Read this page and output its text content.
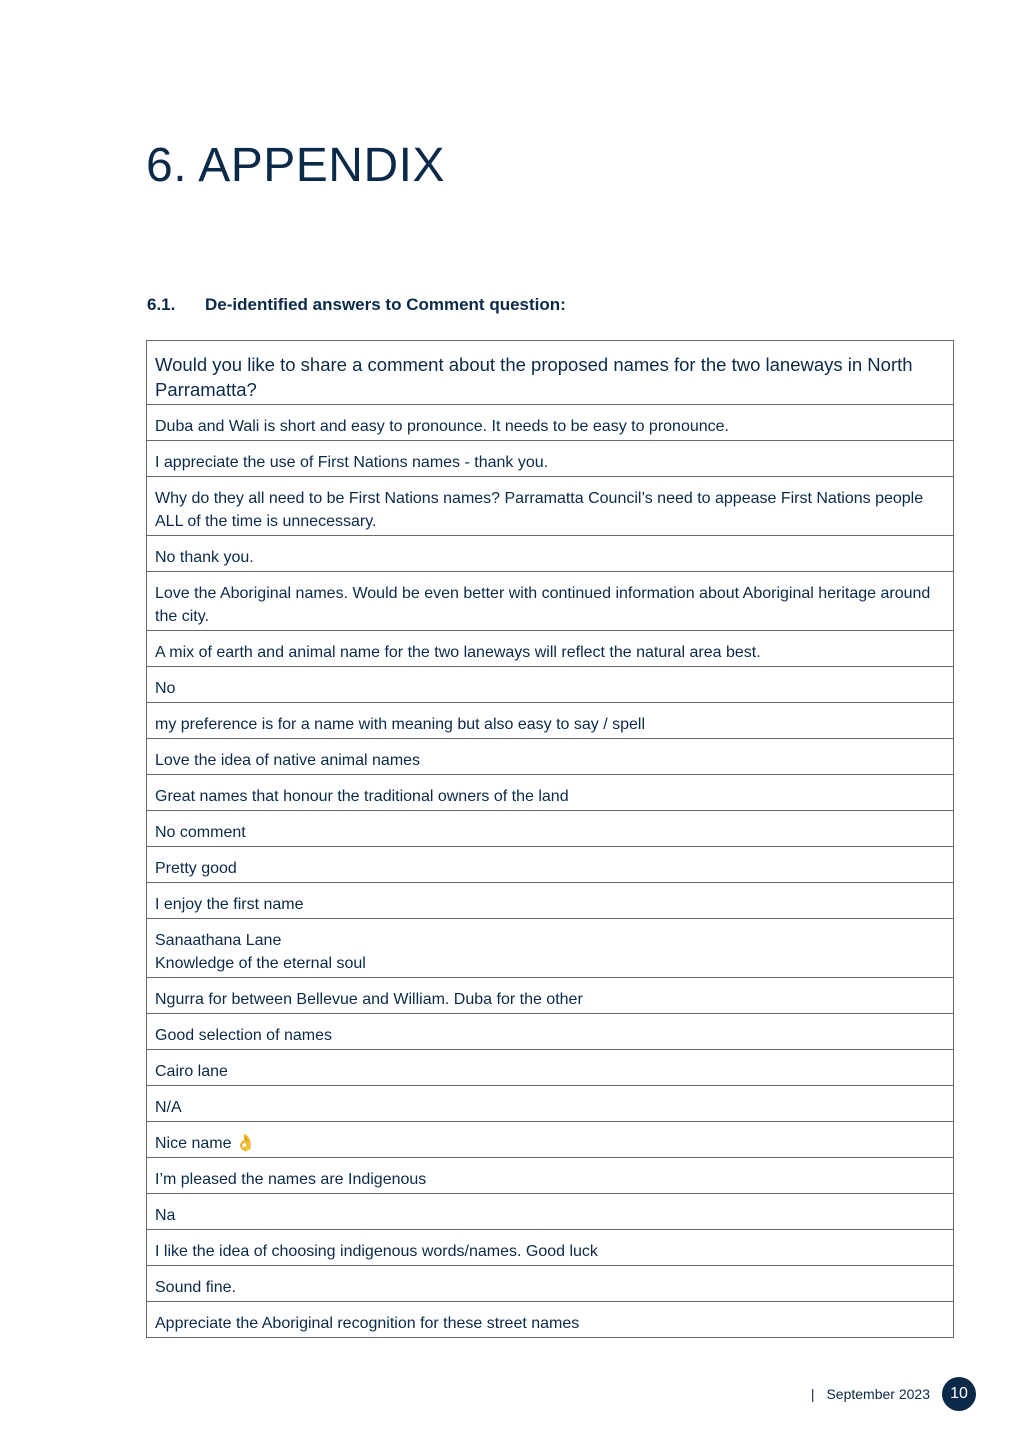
6. APPENDIX
6.1.	De-identified answers to Comment question:
Would you like to share a comment about the proposed names for the two laneways in North Parramatta?
Duba and Wali is short and easy to pronounce. It needs to be easy to pronounce.
I appreciate the use of First Nations names - thank you.
Why do they all need to be First Nations names? Parramatta Council’s need to appease First Nations people ALL of the time is unnecessary.
No thank you.
Love the Aboriginal names. Would be even better with continued information about Aboriginal heritage around the city.
A mix of earth and animal name for the two laneways will reflect the natural area best.
No
my preference is for a name with meaning but also easy to say / spell
Love the idea of native animal names
Great names that honour the traditional owners of the land
No comment
Pretty good
I enjoy the first name
Sanaathana Lane
Knowledge of the eternal soul
Ngurra for between Bellevue and William. Duba for the other
Good selection of names
Cairo lane
N/A
Nice name 👌
I’m pleased the names are Indigenous
Na
I like the idea of choosing indigenous words/names. Good luck
Sound fine.
Appreciate the Aboriginal recognition for these street names
| September 2023	10
